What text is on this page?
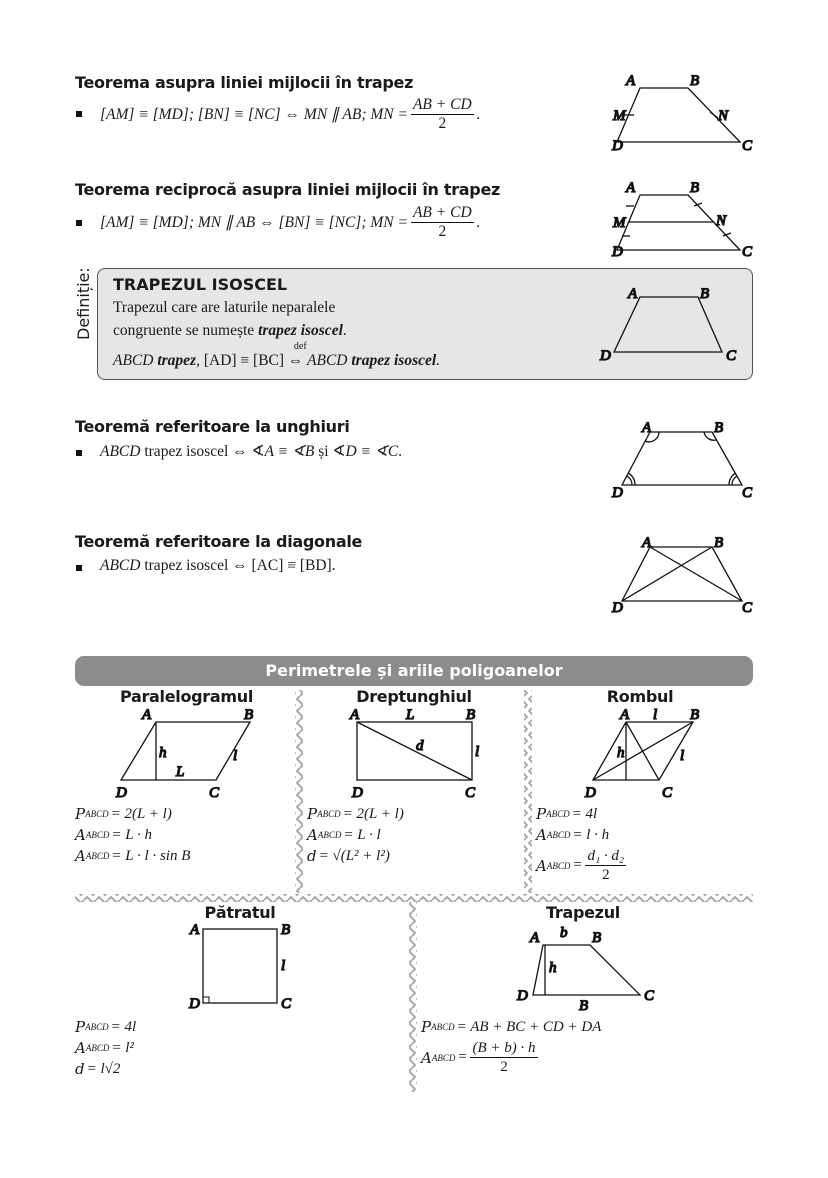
Teorema asupra liniei mijlocii în trapez
[AM] ≡ [MD]; [BN] ≡ [NC] ⇔ MN ∥ AB; MN = $\frac{AB + CD}{2}$ .
Teorema reciprocă asupra liniei mijlocii în trapez
[AM] ≡ [MD]; MN ∥ AB ⇔ [BN] ≡ [NC]; MN = $\frac{AB + CD}{2}$ .
Definiție: TRAPEZUL ISOSCEL
Trapezul care are laturile neparalele
congruente se numește trapez isoscel.
ABCD trapez, [AD] ≡ [BC]
def
⇔ ABCD trapez isoscel.
Teoremă referitoare la unghiuri
ABCD trapez isoscel ⇔ ∢A ≡ ∢B și ∢D ≡ ∢C.
Teoremă referitoare la diagonale
ABCD trapez isoscel ⇔ [AC] ≡ [BD].
Perimetrele și ariile poligoanelor
Paralelogramul	Dreptunghiul	Rombul
Pătratul	Trapezul
A	B
M	N
D	C
A	B
M	N
D	C
A	B
D	C
A	B
D	C
A	B
D	C
A	B
h
L
l
D	C
A	L	B
d	l
D	C
A l B
h	l
D	C
A	B
l
D	C
A b B
h
D
B
C
P ABCD = 2(L + l)
A ABCD = L · h
A ABCD = L · l · sin B
P ABCD = 2(L + l)
A ABCD = L · l
d = √(L² + l²)
P ABCD = 4l
A ABCD = l · h
A ABCD = $\frac{\text{d₁ · d₂}}{2}$
P ABCD = 4l
A ABCD = l²
d = l√2
P ABCD = AB + BC + CD + DA
A ABCD = $\frac{(B + b) \cdot h}{2}$
